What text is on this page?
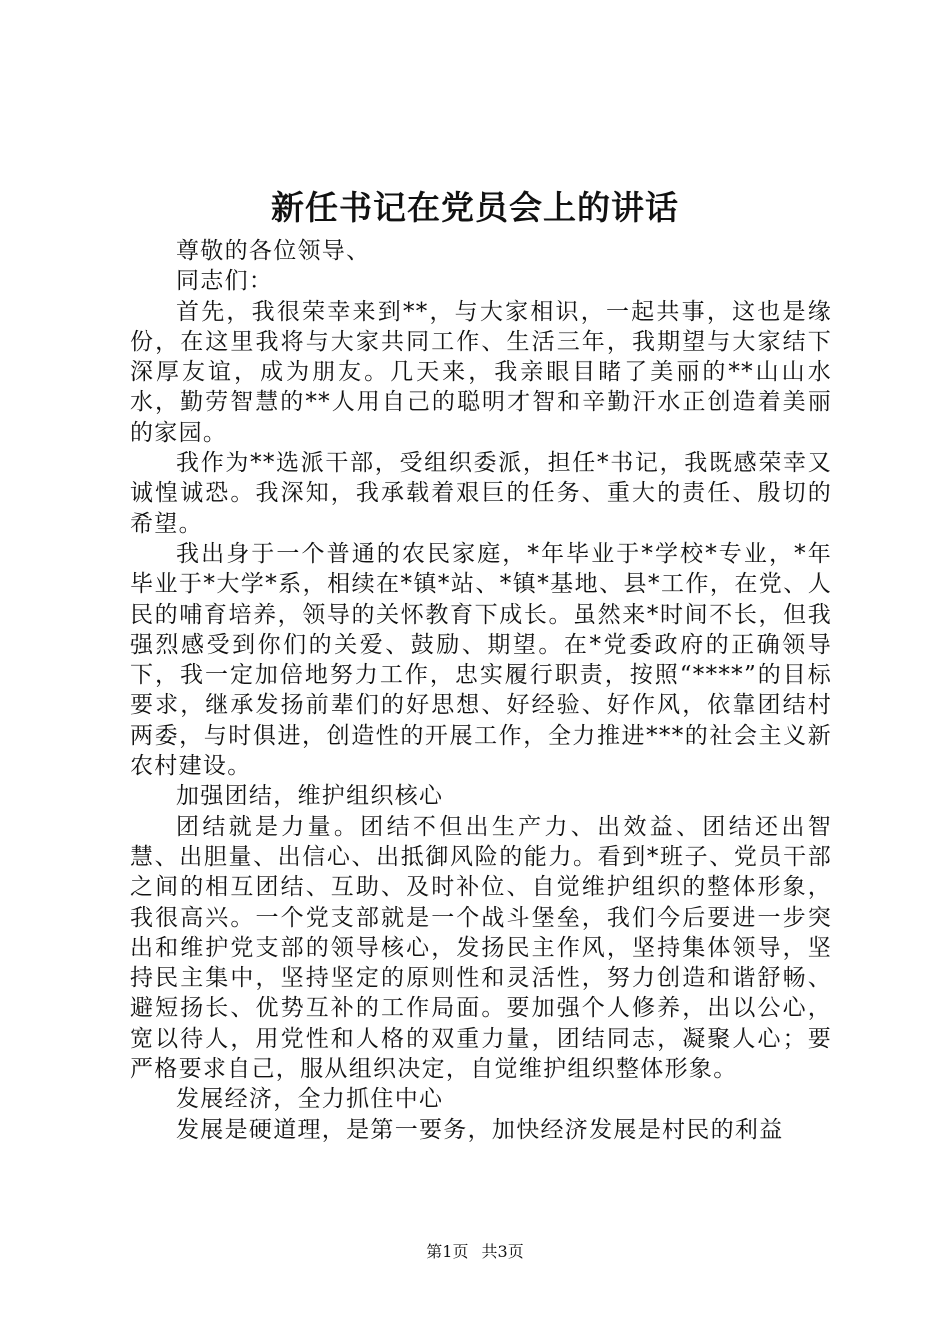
新任书记在党员会上的讲话

尊敬的各位领导、

同志们：

首先，我很荣幸来到**，与大家相识，一起共事，这也是缘份，在这里我将与大家共同工作、生活三年，我期望与大家结下深厚友谊，成为朋友。几天来，我亲眼目睹了美丽的**山山水水，勤劳智慧的**人用自己的聪明才智和辛勤汗水正创造着美丽的家园。

我作为**选派干部，受组织委派，担任*书记，我既感荣幸又诚惶诚恐。我深知，我承载着艰巨的任务、重大的责任、殷切的希望。

我出身于一个普通的农民家庭，*年毕业于*学校*专业，*年毕业于*大学*系，相续在*镇*站、*镇*基地、县*工作，在党、人民的哺育培养，领导的关怀教育下成长。虽然来*时间不长，但我强烈感受到你们的关爱、鼓励、期望。在*党委政府的正确领导下，我一定加倍地努力工作，忠实履行职责，按照“****”的目标要求，继承发扬前辈们的好思想、好经验、好作风，依靠团结村两委，与时俱进，创造性的开展工作，全力推进***的社会主义新农村建设。

加强团结，维护组织核心

团结就是力量。团结不但出生产力、出效益、团结还出智慧、出胆量、出信心、出抵御风险的能力。看到*班子、党员干部之间的相互团结、互助、及时补位、自觉维护组织的整体形象，我很高兴。一个党支部就是一个战斗堡垒，我们今后要进一步突出和维护党支部的领导核心，发扬民主作风，坚持集体领导，坚持民主集中，坚持坚定的原则性和灵活性，努力创造和谐舒畅、避短扬长、优势互补的工作局面。要加强个人修养，出以公心，宽以待人，用党性和人格的双重力量，团结同志，凝聚人心；要严格要求自己，服从组织决定，自觉维护组织整体形象。

发展经济，全力抓住中心

发展是硬道理，是第一要务，加快经济发展是村民的利益

第1页 共3页
